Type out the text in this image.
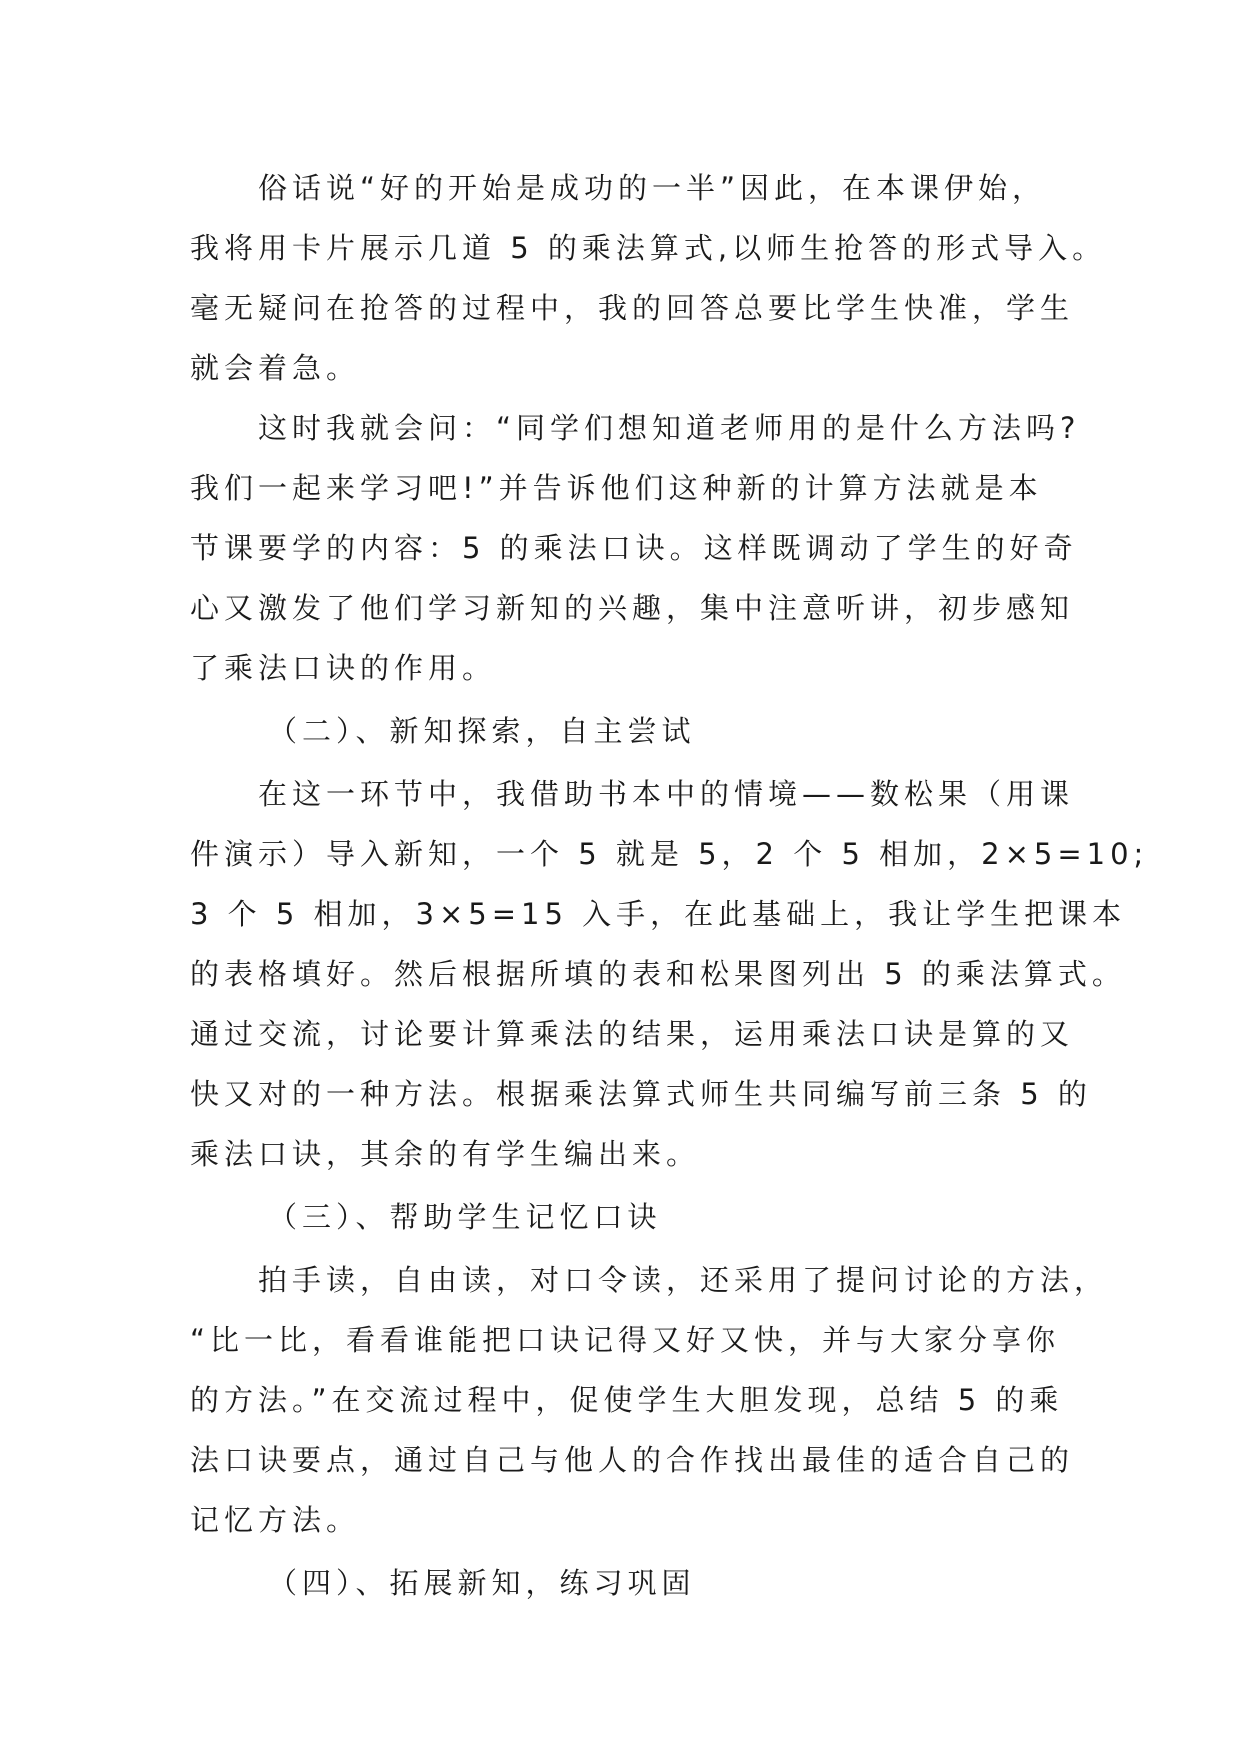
俗话说“好的开始是成功的一半”因此，在本课伊始，
我将用卡片展示几道 5 的乘法算式,以师生抢答的形式导入。
毫无疑问在抢答的过程中，我的回答总要比学生快准，学生
就会着急。
这时我就会问：“同学们想知道老师用的是什么方法吗?
我们一起来学习吧!”并告诉他们这种新的计算方法就是本
节课要学的内容：5 的乘法口诀。这样既调动了学生的好奇
心又激发了他们学习新知的兴趣，集中注意听讲，初步感知
了乘法口诀的作用。
（二）、新知探索，自主尝试
在这一环节中，我借助书本中的情境——数松果（用课
件演示）导入新知，一个 5 就是 5，2 个 5 相加，2×5=10;
3 个 5 相加，3×5=15 入手，在此基础上，我让学生把课本
的表格填好。然后根据所填的表和松果图列出 5 的乘法算式。
通过交流，讨论要计算乘法的结果，运用乘法口诀是算的又
快又对的一种方法。根据乘法算式师生共同编写前三条 5 的
乘法口诀，其余的有学生编出来。
（三）、帮助学生记忆口诀
拍手读，自由读，对口令读，还采用了提问讨论的方法，
“比一比，看看谁能把口诀记得又好又快，并与大家分享你
的方法。”在交流过程中，促使学生大胆发现，总结 5 的乘
法口诀要点，通过自己与他人的合作找出最佳的适合自己的
记忆方法。
（四）、拓展新知，练习巩固
